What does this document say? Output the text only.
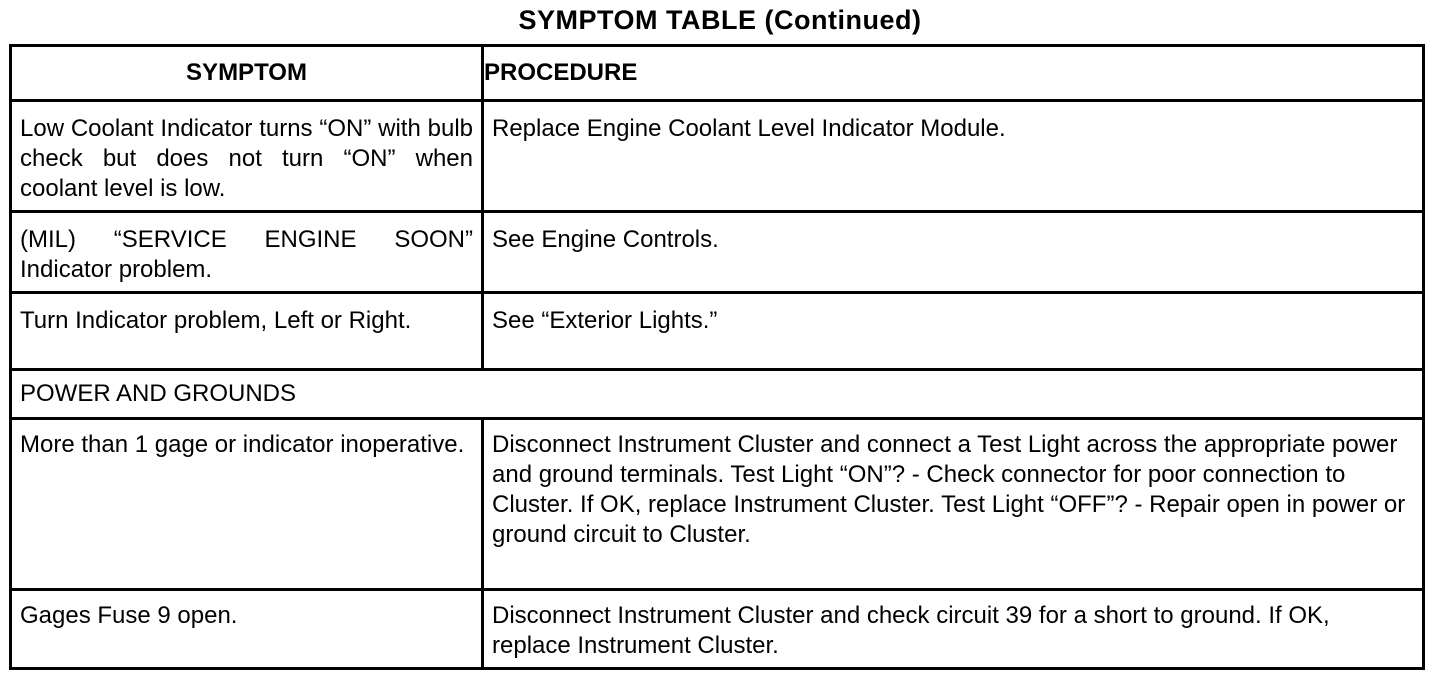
SYMPTOM TABLE (Continued)
SYMPTOM	PROCEDURE

Low Coolant Indicator turns “ON” with bulb check but does not turn “ON” when coolant level is low.	Replace Engine Coolant Level Indicator Module.

(MIL) “SERVICE ENGINE SOON” Indicator problem.	See Engine Controls.

Turn Indicator problem, Left or Right.	See “Exterior Lights.”

POWER AND GROUNDS	

More than 1 gage or indicator inoperative.	Disconnect Instrument Cluster and connect a Test Light across the appropriate power and ground terminals. Test Light “ON”? - Check connector for poor connection to Cluster. If OK, replace Instrument Cluster. Test Light “OFF”? - Repair open in power or ground circuit to Cluster.

Gages Fuse 9 open.	Disconnect Instrument Cluster and check circuit 39 for a short to ground. If OK, replace Instrument Cluster.
